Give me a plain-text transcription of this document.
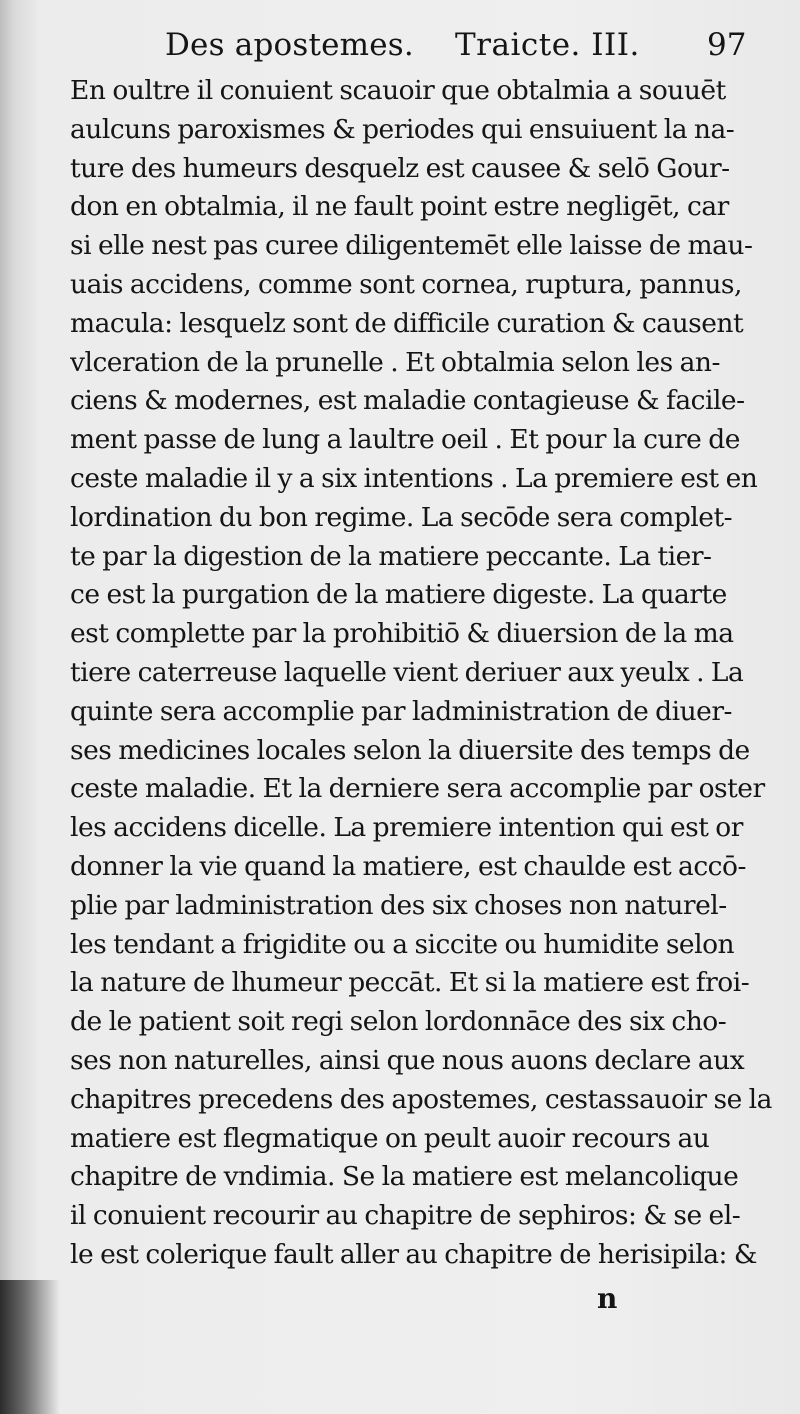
Des apostemes. Traicte. III. 97
En oultre il conuient scauoir que obtalmia a souuēt
aulcuns paroxismes & periodes qui ensuiuent la na-
ture des humeurs desquelz est causee & selō Gour-
don en obtalmia, il ne fault point estre negligēt, car
si elle nest pas curee diligentemēt elle laisse de mau-
uais accidens, comme sont cornea, ruptura, pannus,
macula: lesquelz sont de difficile curation & causent
vlceration de la prunelle . Et obtalmia selon les an-
ciens & modernes, est maladie contagieuse & facile-
ment passe de lung a laultre oeil . Et pour la cure de
ceste maladie il y a six intentions . La premiere est en
lordination du bon regime. La secōde sera complet-
te par la digestion de la matiere peccante. La tier-
ce est la purgation de la matiere digeste. La quarte
est complette par la prohibitiō & diuersion de la ma
tiere caterreuse laquelle vient deriuer aux yeulx . La
quinte sera accomplie par ladministration de diuer-
ses medicines locales selon la diuersite des temps de
ceste maladie. Et la derniere sera accomplie par oster
les accidens dicelle. La premiere intention qui est or
donner la vie quand la matiere, est chaulde est accō-
plie par ladministration des six choses non naturel-
les tendant a frigidite ou a siccite ou humidite selon
la nature de lhumeur peccāt. Et si la matiere est froi-
de le patient soit regi selon lordonnāce des six cho-
ses non naturelles, ainsi que nous auons declare aux
chapitres precedens des apostemes, cestassauoir se la
matiere est flegmatique on peult auoir recours au
chapitre de vndimia. Se la matiere est melancolique
il conuient recourir au chapitre de sephiros: & se el-
le est colerique fault aller au chapitre de herisipila: &
n
